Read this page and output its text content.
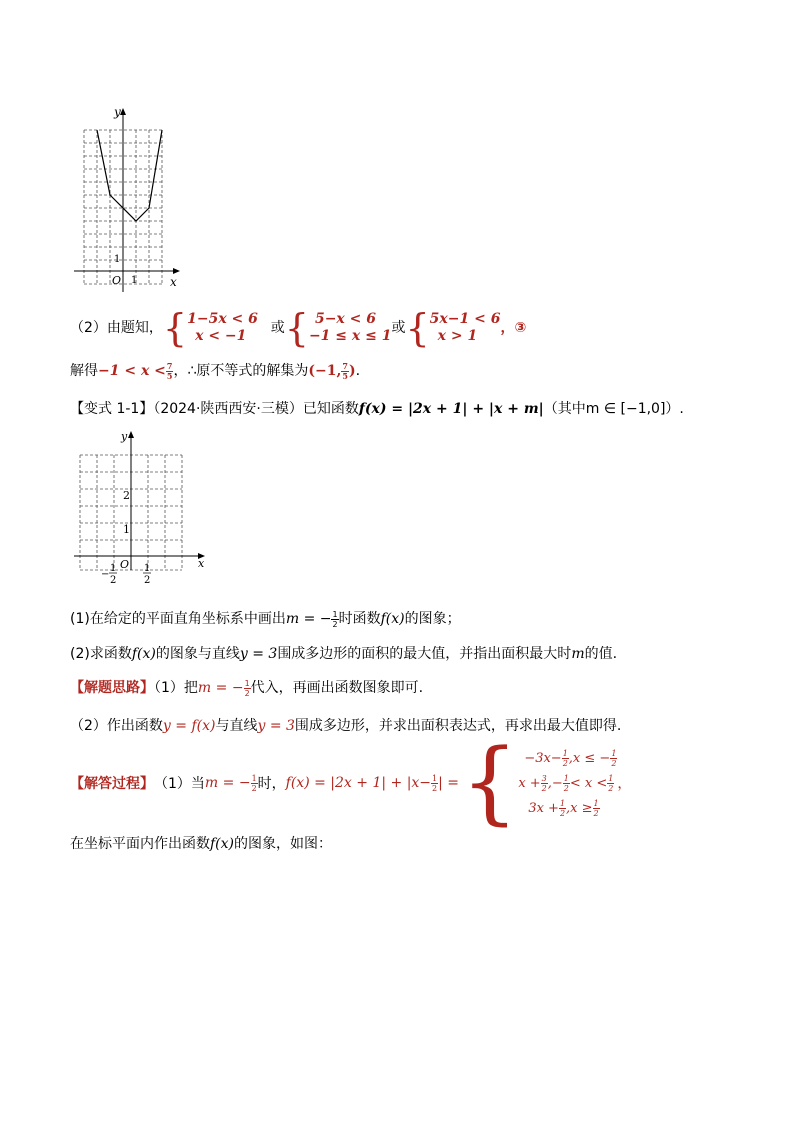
y
x
O 1
1
（2）由题知，{ 1−5x < 6
x < −1	或{ 5−x < 6
−1 ≤ x ≤ 1 或{ 5x−1 < 6
x > 1	，③
解得$-1 < x < \frac{7}{5}$ ，∴原不等式的解集为(−1, $\frac{7}{5}$ ).
【变式 1-1】（2024·陕西西安·三模）已知函数f(x) = |2x + 1| + |x + m|（其中m ∈ [−1,0]）.
y
x
O
2
1
−
1
2
1
2
(1)在给定的平面直角坐标系中画出m = − $\frac{1}{2}$ 时函数f(x)的图象；
(2)求函数f(x)的图象与直线y = 3围成多边形的面积的最大值，并指出面积最大时m的值.
【解题思路】（1）把m = − $\frac{1}{2}$ 代入，再画出函数图象即可.
（2）作出函数y = f(x)与直线y = 3围成多边形，并求出面积表达式，再求出最大值即得.
【解答过程】 （1）当 m = − $\frac{1}{2}$ 时， $f(x) = |2x + 1| + |x- \frac{1}{2}$ | = { $-3x- \frac{1}{2} ,x$ ≤ − $\frac{1}{2}$
$x + \frac{3}{2}$ ,− $\frac{1}{2} < x < \frac{1}{2}$
$3x + \frac{1}{2} ,x \ge \frac{1}{2}$
，
在坐标平面内作出函数f(x)的图象，如图：
